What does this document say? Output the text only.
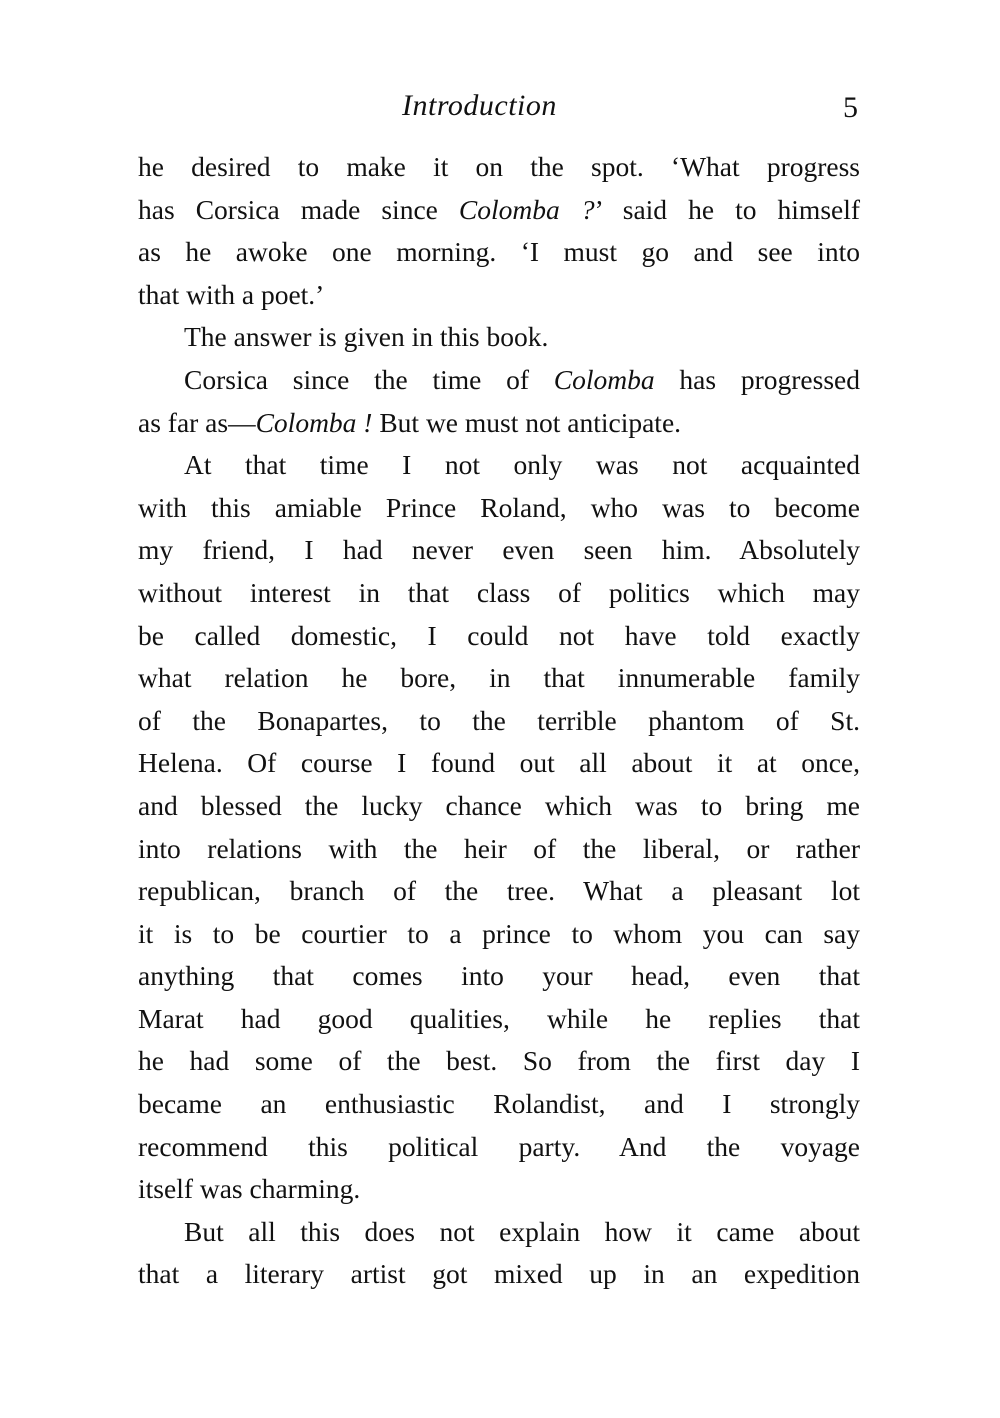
Introduction	5
he desired to make it on the spot. ‘What progress
has Corsica made since Colomba ?’ said he to himself
as he awoke one morning. ‘I must go and see into
that with a poet.’
The answer is given in this book.
Corsica since the time of Colomba has progressed
as far as—Colomba ! But we must not anticipate.
At that time I not only was not acquainted
with this amiable Prince Roland, who was to become
my friend, I had never even seen him. Absolutely
without interest in that class of politics which may
be called domestic, I could not have told exactly
what relation he bore, in that innumerable family
of the Bonapartes, to the terrible phantom of St.
Helena. Of course I found out all about it at once,
and blessed the lucky chance which was to bring me
into relations with the heir of the liberal, or rather
republican, branch of the tree. What a pleasant lot
it is to be courtier to a prince to whom you can say
anything that comes into your head, even that
Marat had good qualities, while he replies that
he had some of the best. So from the first day I
became an enthusiastic Rolandist, and I strongly
recommend this political party. And the voyage
itself was charming.
But all this does not explain how it came about
that a literary artist got mixed up in an expedition
